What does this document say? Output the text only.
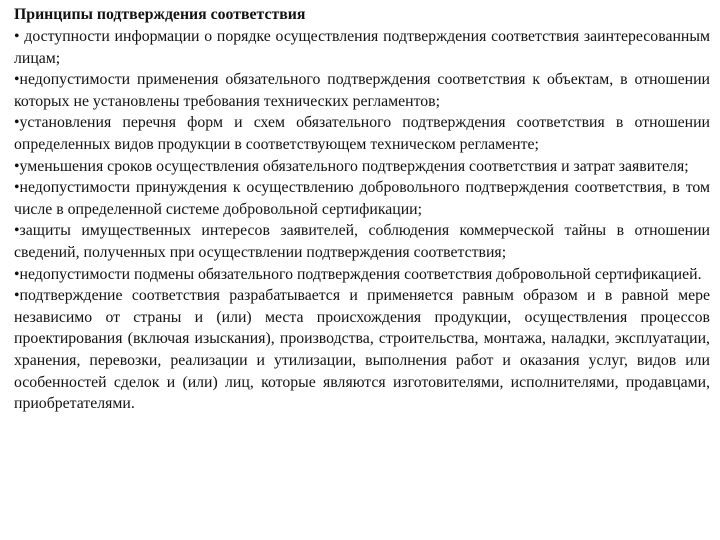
Принципы подтверждения соответствия

• доступности информации о порядке осуществления подтверждения соответствия заинтересованным лицам;

•недопустимости применения обязательного подтверждения соответствия к объектам, в отношении которых не установлены требования технических регламентов;

•установления перечня форм и схем обязательного подтверждения соответствия в отношении определенных видов продукции в соответствующем техническом регламенте;

•уменьшения сроков осуществления обязательного подтверждения соответствия и затрат заявителя;

•недопустимости принуждения к осуществлению добровольного подтверждения соответствия, в том числе в определенной системе добровольной сертификации;

•защиты имущественных интересов заявителей, соблюдения коммерческой тайны в отношении сведений, полученных при осуществлении подтверждения соответствия;

•недопустимости подмены обязательного подтверждения соответствия добровольной сертификацией.

•подтверждение соответствия разрабатывается и применяется равным образом и в равной мере независимо от страны и (или) места происхождения продукции, осуществления процессов проектирования (включая изыскания), производства, строительства, монтажа, наладки, эксплуатации, хранения, перевозки, реализации и утилизации, выполнения работ и оказания услуг, видов или особенностей сделок и (или) лиц, которые являются изготовителями, исполнителями, продавцами, приобретателями.
